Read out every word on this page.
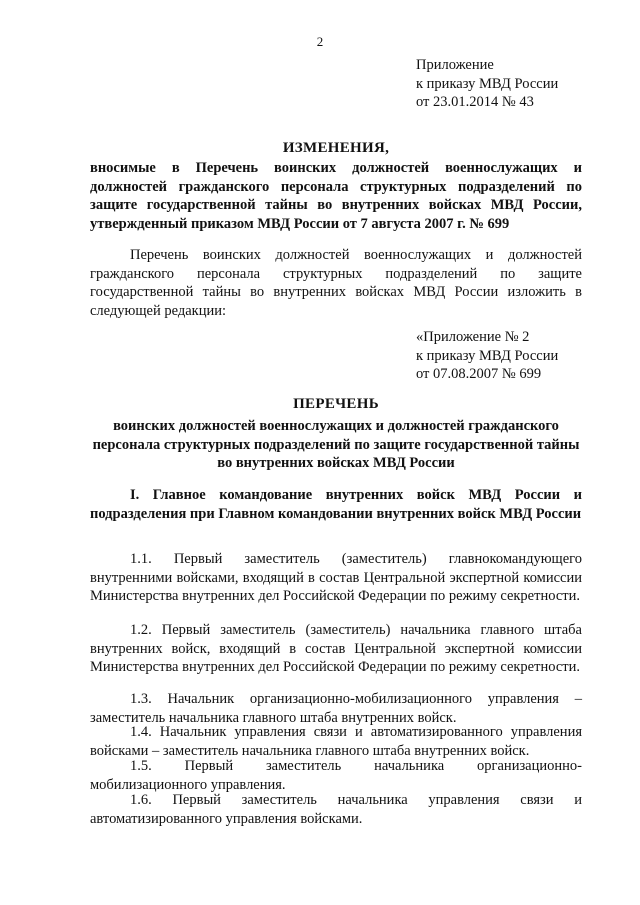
2
Приложение
к приказу МВД России
от 23.01.2014 № 43
ИЗМЕНЕНИЯ,
вносимые в Перечень воинских должностей военнослужащих и должностей гражданского персонала структурных подразделений по защите государственной тайны во внутренних войсках МВД России, утвержденный приказом МВД России от 7 августа 2007 г. № 699
Перечень воинских должностей военнослужащих и должностей гражданского персонала структурных подразделений по защите государственной тайны во внутренних войсках МВД России изложить в следующей редакции:
«Приложение № 2
к приказу МВД России
от 07.08.2007 № 699
ПЕРЕЧЕНЬ
воинских должностей военнослужащих и должностей гражданского персонала структурных подразделений по защите государственной тайны во внутренних войсках МВД России
I. Главное командование внутренних войск МВД России и подразделения при Главном командовании внутренних войск МВД России
1.1. Первый заместитель (заместитель) главнокомандующего внутренними войсками, входящий в состав Центральной экспертной комиссии Министерства внутренних дел Российской Федерации по режиму секретности.
1.2. Первый заместитель (заместитель) начальника главного штаба внутренних войск, входящий в состав Центральной экспертной комиссии Министерства внутренних дел Российской Федерации по режиму секретности.
1.3. Начальник организационно-мобилизационного управления – заместитель начальника главного штаба внутренних войск.
1.4. Начальник управления связи и автоматизированного управления войсками – заместитель начальника главного штаба внутренних войск.
1.5. Первый заместитель начальника организационно-мобилизационного управления.
1.6. Первый заместитель начальника управления связи и автоматизированного управления войсками.
